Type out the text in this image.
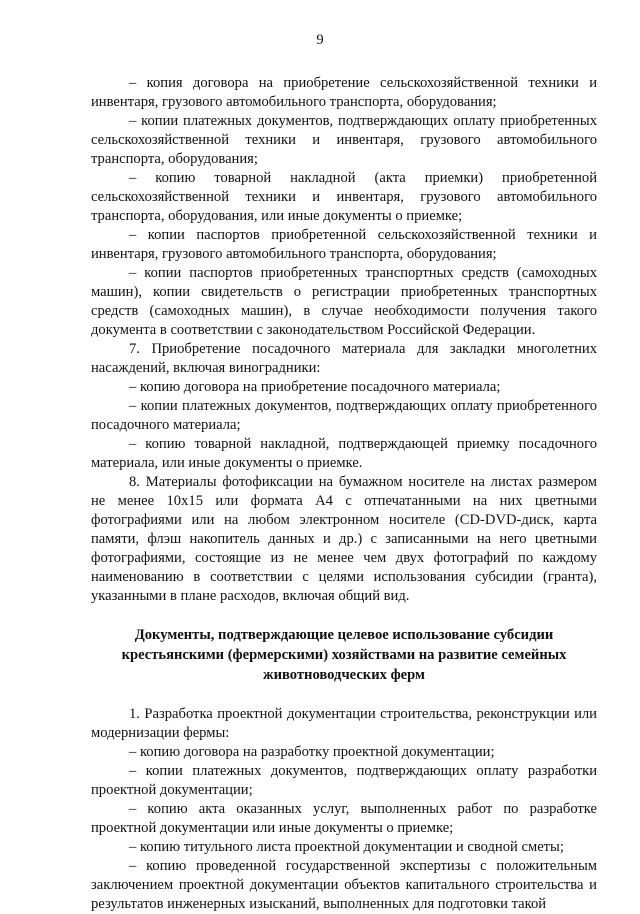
9

– копия договора на приобретение сельскохозяйственной техники и инвентаря, грузового автомобильного транспорта, оборудования;

– копии платежных документов, подтверждающих оплату приобретенных сельскохозяйственной техники и инвентаря, грузового автомобильного транспорта, оборудования;

– копию товарной накладной (акта приемки) приобретенной сельскохозяйственной техники и инвентаря, грузового автомобильного транспорта, оборудования, или иные документы о приемке;

– копии паспортов приобретенной сельскохозяйственной техники и инвентаря, грузового автомобильного транспорта, оборудования;

– копии паспортов приобретенных транспортных средств (самоходных машин), копии свидетельств о регистрации приобретенных транспортных средств (самоходных машин), в случае необходимости получения такого документа в соответствии с законодательством Российской Федерации.

7. Приобретение посадочного материала для закладки многолетних насаждений, включая виноградники:

– копию договора на приобретение посадочного материала;

– копии платежных документов, подтверждающих оплату приобретенного посадочного материала;

– копию товарной накладной, подтверждающей приемку посадочного материала, или иные документы о приемке.

8. Материалы фотофиксации на бумажном носителе на листах размером не менее 10х15 или формата А4 с отпечатанными на них цветными фотографиями или на любом электронном носителе (CD-DVD-диск, карта памяти, флэш накопитель данных и др.) с записанными на него цветными фотографиями, состоящие из не менее чем двух фотографий по каждому наименованию в соответствии с целями использования субсидии (гранта), указанными в плане расходов, включая общий вид.

Документы, подтверждающие целевое использование субсидии крестьянскими (фермерскими) хозяйствами на развитие семейных животноводческих ферм

1. Разработка проектной документации строительства, реконструкции или модернизации фермы:

– копию договора на разработку проектной документации;

– копии платежных документов, подтверждающих оплату разработки проектной документации;

– копию акта оказанных услуг, выполненных работ по разработке проектной документации или иные документы о приемке;

– копию титульного листа проектной документации и сводной сметы;

– копию проведенной государственной экспертизы с положительным заключением проектной документации объектов капитального строительства и результатов инженерных изысканий, выполненных для подготовки такой
